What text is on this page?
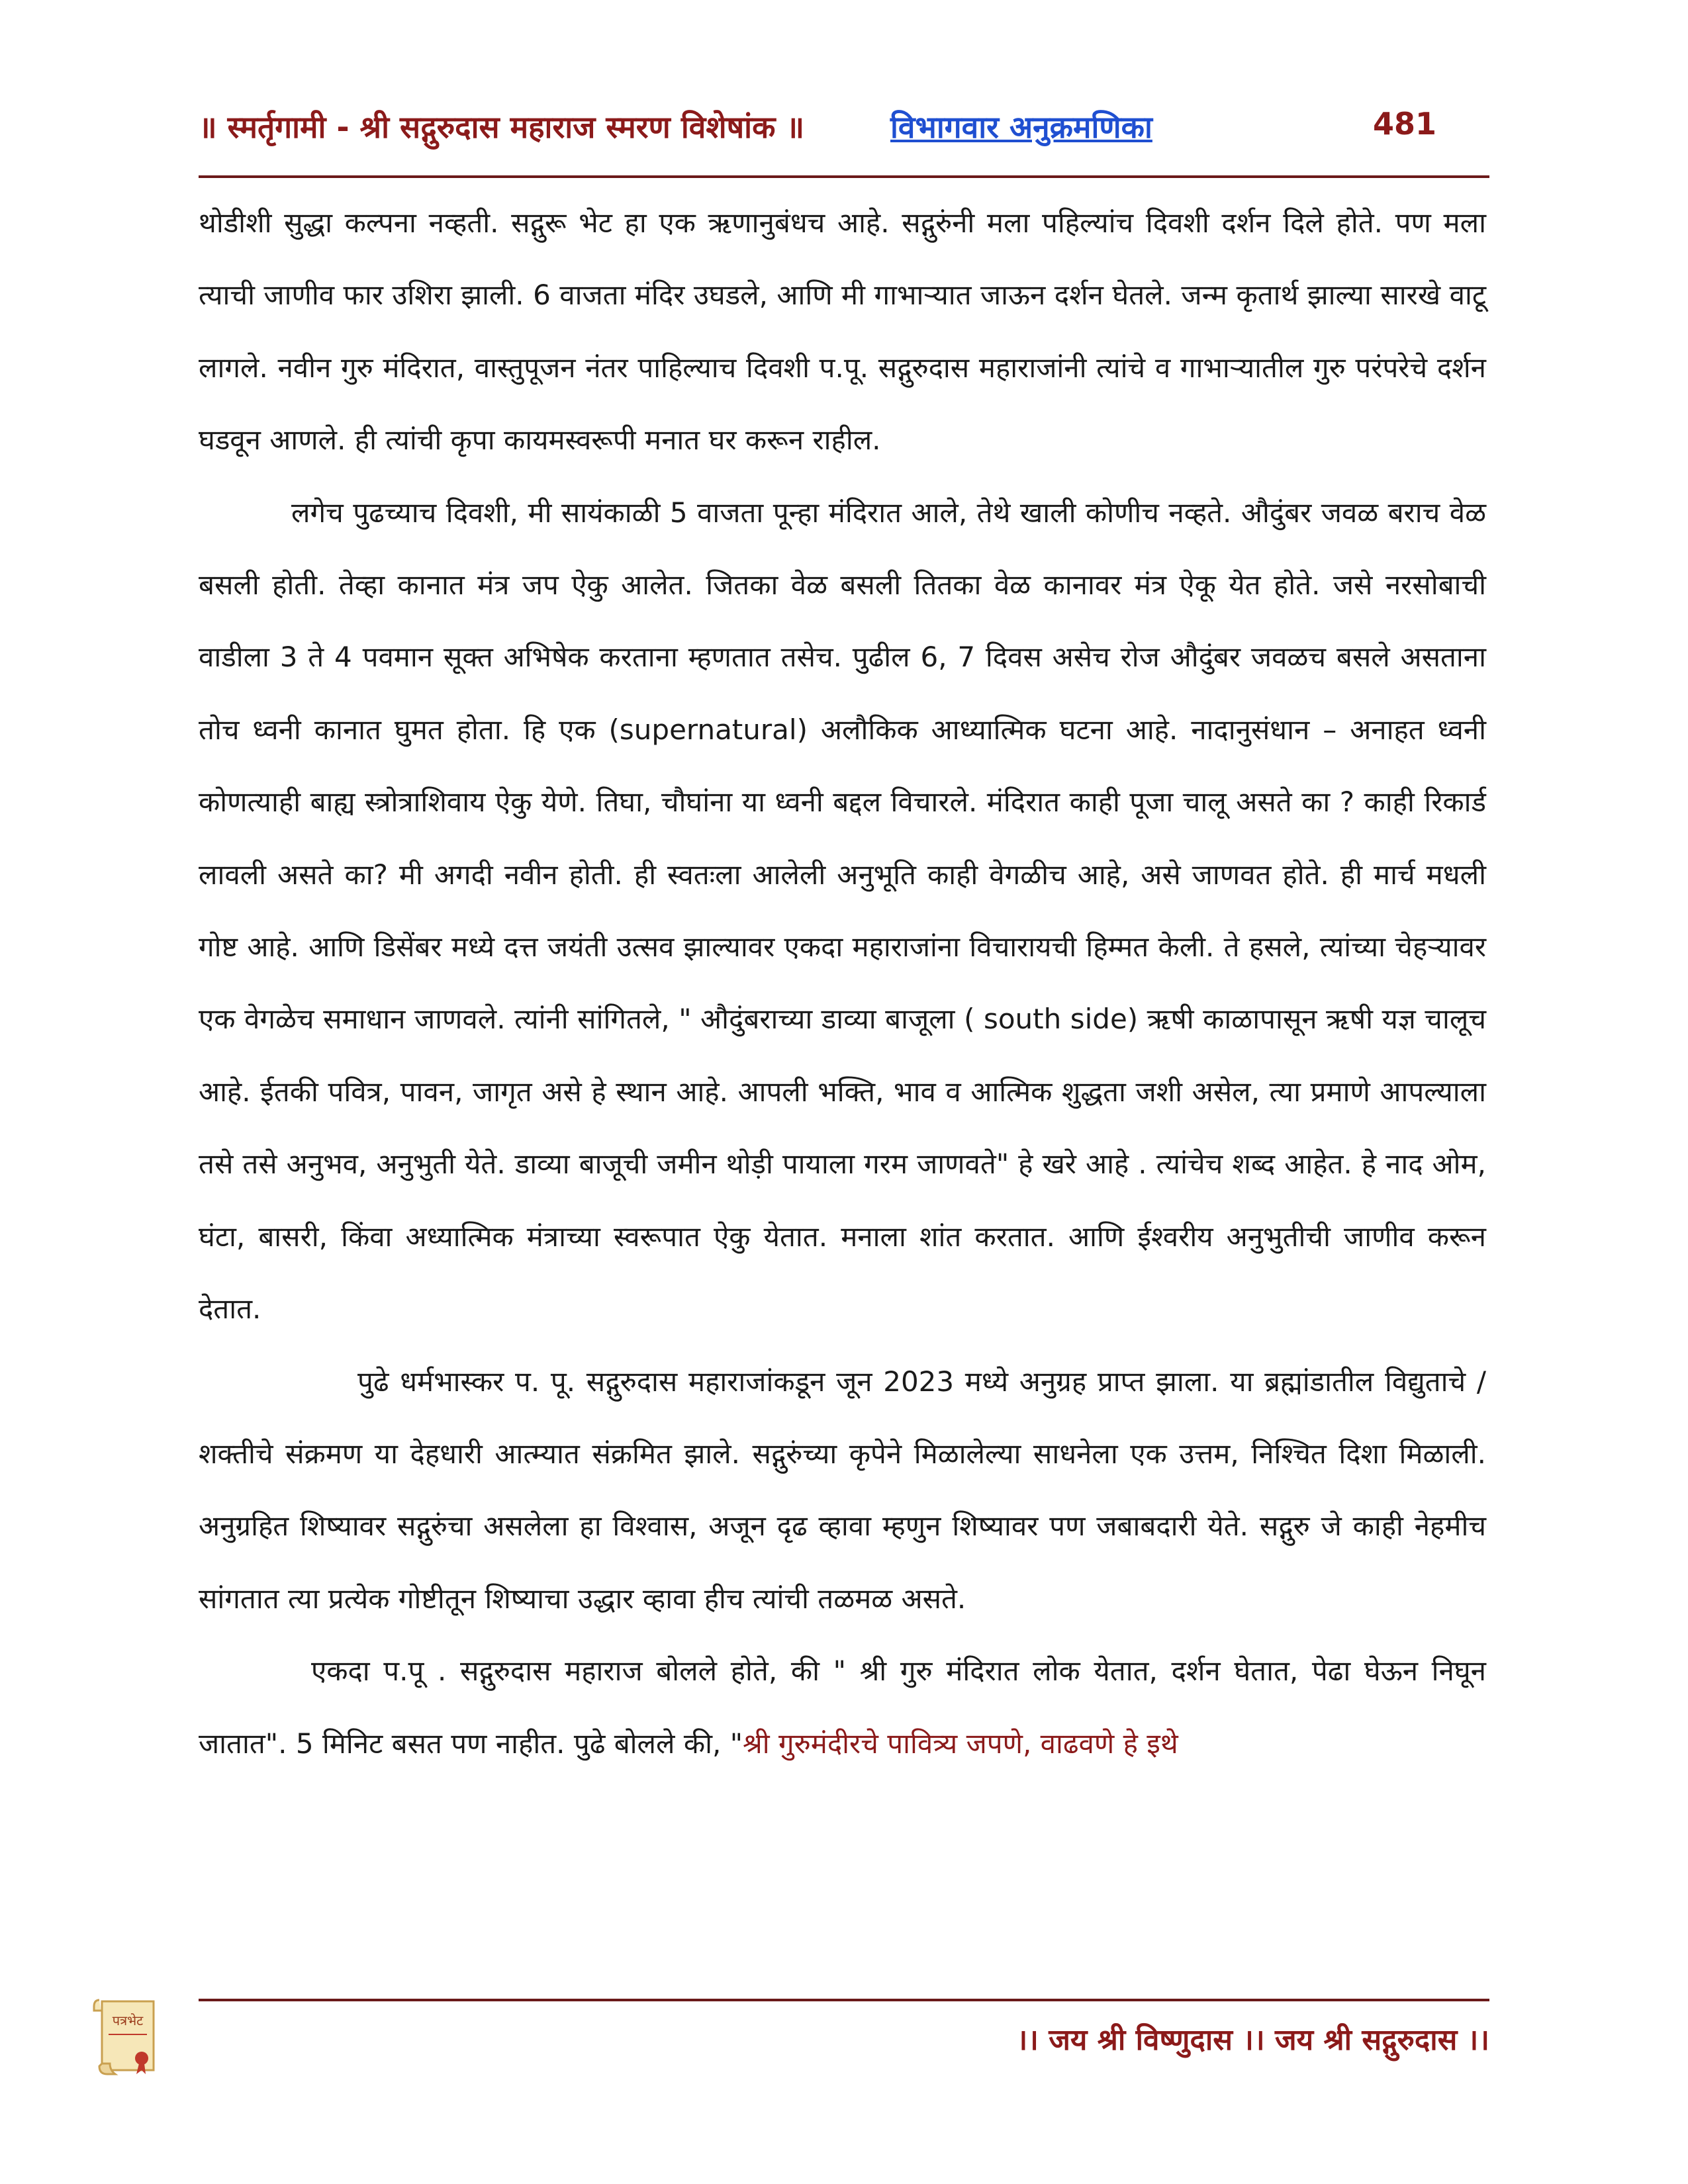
॥ स्मर्तृगामी - श्री सद्गुरुदास महाराज स्मरण विशेषांक ॥	विभागवार अनुक्रमणिका	481

थोडीशी सुद्धा कल्पना नव्हती. सद्गुरू भेट हा एक ऋणानुबंधच आहे. सद्गुरुंनी मला पहिल्यांच दिवशी दर्शन दिले होते. पण मला त्याची जाणीव फार उशिरा झाली. 6 वाजता मंदिर उघडले, आणि मी गाभाऱ्यात जाऊन दर्शन घेतले. जन्म कृतार्थ झाल्या सारखे वाटू लागले. नवीन गुरु मंदिरात, वास्तुपूजन नंतर पाहिल्याच दिवशी प.पू. सद्गुरुदास महाराजांनी त्यांचे व गाभाऱ्यातील गुरु परंपरेचे दर्शन घडवून आणले. ही त्यांची कृपा कायमस्वरूपी मनात घर करून राहील.

लगेच पुढच्याच दिवशी, मी सायंकाळी 5 वाजता पून्हा मंदिरात आले, तेथे खाली कोणीच नव्हते. औदुंबर जवळ बराच वेळ बसली होती. तेव्हा कानात मंत्र जप ऐकु आलेत. जितका वेळ बसली तितका वेळ कानावर मंत्र ऐकू येत होते. जसे नरसोबाची वाडीला 3 ते 4 पवमान सूक्त अभिषेक करताना म्हणतात तसेच. पुढील 6, 7 दिवस असेच रोज औदुंबर जवळच बसले असताना तोच ध्वनी कानात घुमत होता. हि एक (supernatural) अलौकिक आध्यात्मिक घटना आहे. नादानुसंधान – अनाहत ध्वनी कोणत्याही बाह्य स्त्रोत्राशिवाय ऐकु येणे. तिघा, चौघांना या ध्वनी बद्दल विचारले. मंदिरात काही पूजा चालू असते का ? काही रिकार्ड लावली असते का? मी अगदी नवीन होती. ही स्वतःला आलेली अनुभूति काही वेगळीच आहे, असे जाणवत होते. ही मार्च मधली गोष्ट आहे. आणि डिसेंबर मध्ये दत्त जयंती उत्सव झाल्यावर एकदा महाराजांना विचारायची हिम्मत केली. ते हसले, त्यांच्या चेहऱ्यावर एक वेगळेच समाधान जाणवले. त्यांनी सांगितले, " औदुंबराच्या डाव्या बाजूला ( south side) ऋषी काळापासून ऋषी यज्ञ चालूच आहे. ईतकी पवित्र, पावन, जागृत असे हे स्थान आहे. आपली भक्ति, भाव व आत्मिक शुद्धता जशी असेल, त्या प्रमाणे आपल्याला तसे तसे अनुभव, अनुभुती येते. डाव्या बाजूची जमीन थोड़ी पायाला गरम जाणवते" हे खरे आहे . त्यांचेच शब्द आहेत. हे नाद ओम, घंटा, बासरी, किंवा अध्यात्मिक मंत्राच्या स्वरूपात ऐकु येतात. मनाला शांत करतात. आणि ईश्वरीय अनुभुतीची जाणीव करून देतात.

पुढे धर्मभास्कर प. पू. सद्गुरुदास महाराजांकडून जून 2023 मध्ये अनुग्रह प्राप्त झाला. या ब्रह्मांडातील विद्युताचे / शक्तीचे संक्रमण या देहधारी आत्म्यात संक्रमित झाले. सद्गुरुंच्या कृपेने मिळालेल्या साधनेला एक उत्तम, निश्चित दिशा मिळाली. अनुग्रहित शिष्यावर सद्गुरुंचा असलेला हा विश्वास, अजून दृढ व्हावा म्हणुन शिष्यावर पण जबाबदारी येते. सद्गुरु जे काही नेहमीच सांगतात त्या प्रत्येक गोष्टीतून शिष्याचा उद्धार व्हावा हीच त्यांची तळमळ असते.

एकदा प.पू . सद्गुरुदास महाराज बोलले होते, की " श्री गुरु मंदिरात लोक येतात, दर्शन घेतात, पेढा घेऊन निघून जातात". 5 मिनिट बसत पण नाहीत. पुढे बोलले की, "श्री गुरुमंदीरचे पावित्र्य जपणे, वाढवणे हे इथे

पत्रभेट
।। जय श्री विष्णुदास ।। जय श्री सद्गुरुदास ।।
